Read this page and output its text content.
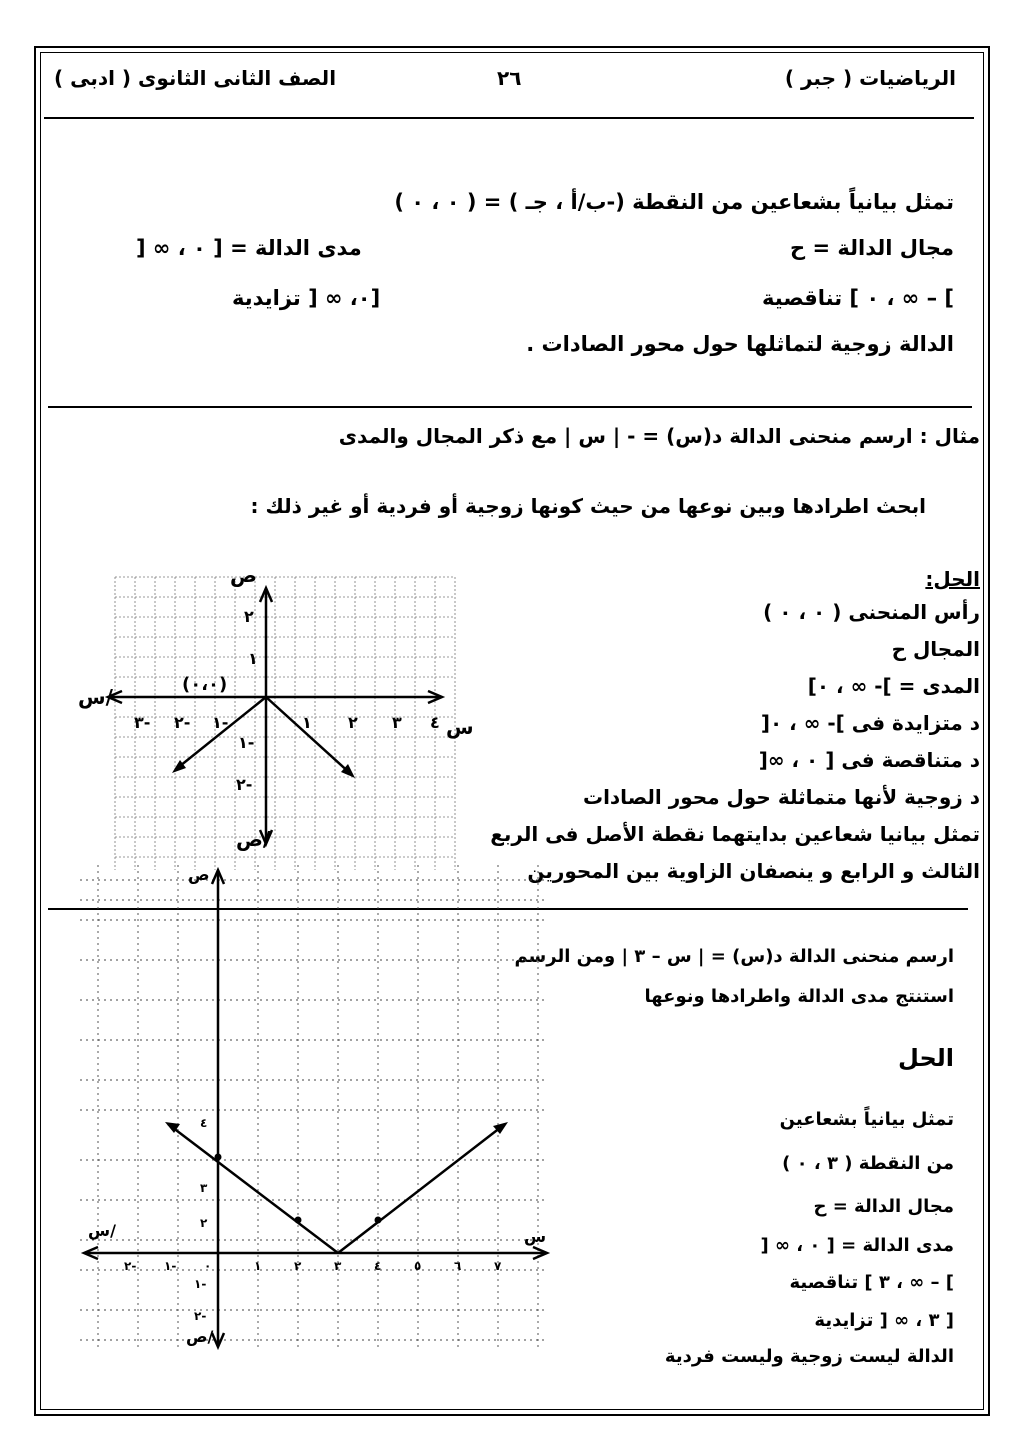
الرياضيات ( جبر )
٢٦
الصف الثانى الثانوى ( ادبى )
تمثل بيانياً بشعاعين من النقطة (-ب/أ ، جـ ) = ( ٠ ، ٠ )
مجال الدالة = ح
مدى الدالة = [ ٠ ، ∞ [
] – ∞ ، ٠ ] تناقصية
[٠، ∞ [ تزايدية
الدالة زوجية لتماثلها حول محور الصادات .
مثال : ارسم منحنى الدالة د(س) = - | س | مع ذكر المجال والمدى
ابحث اطرادها وبين نوعها من حيث كونها زوجية أو فردية أو غير ذلك :
الحل:
رأس المنحنى ( ٠ ، ٠ )
المجال ح
المدى = ]- ∞ ، ٠]
د متزايدة فى ]- ∞ ، ٠[
د متناقصة فى [ ٠ ، ∞[
د زوجية لأنها متماثلة حول محور الصادات
تمثل بيانيا شعاعين بدايتهما نقطة الأصل فى الربع
الثالث و الرابع و ينصفان الزاوية بين المحورين
ص
ص/
س
س/
(٠،٠)
٣- ٢- ١-	١ ٢ ٣ ٤
٢
١
١-
٢-
ارسم منحنى الدالة د(س) = | س – ٣ | ومن الرسم
استنتج مدى الدالة واطرادها ونوعها
الحل
تمثل بيانياً بشعاعين
من النقطة ( ٣ ، ٠ )
مجال الدالة = ح
مدى الدالة = [ ٠ ، ∞ [
] – ∞ ، ٣ ] تناقصية
[ ٣ ، ∞ [ تزايدية
الدالة ليست زوجية وليست فردية
ص
ص/
س
س/
٢- ١- ٠	١	٢	٣	٤	٥	٦	٧
٤
٣
٢
١-
٢-
